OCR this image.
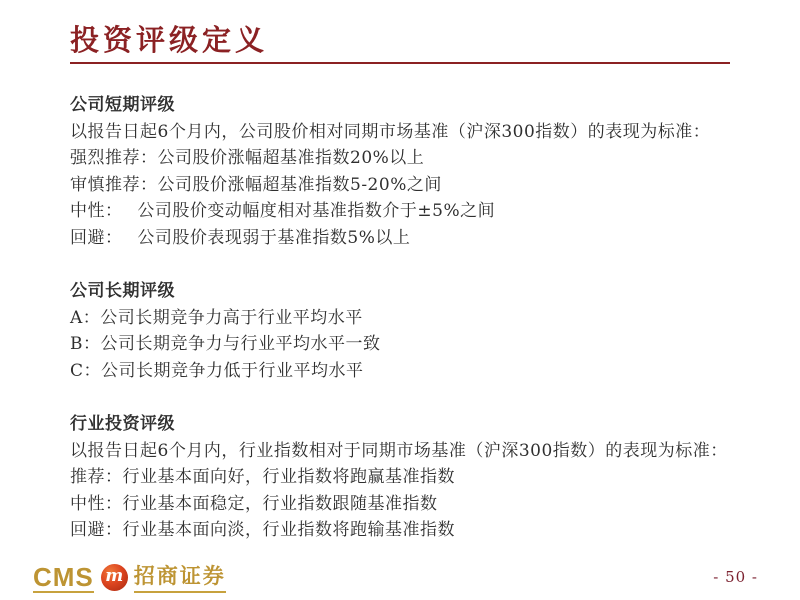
投资评级定义

公司短期评级

以报告日起6个月内，公司股价相对同期市场基准（沪深300指数）的表现为标准：

强烈推荐：公司股价涨幅超基准指数20%以上

审慎推荐：公司股价涨幅超基准指数5-20%之间

中性：　 公司股价变动幅度相对基准指数介于±5%之间

回避：　 公司股价表现弱于基准指数5%以上

公司长期评级

A：公司长期竞争力高于行业平均水平

B：公司长期竞争力与行业平均水平一致

C：公司长期竞争力低于行业平均水平

行业投资评级

以报告日起6个月内，行业指数相对于同期市场基准（沪深300指数）的表现为标准：

推荐：行业基本面向好，行业指数将跑赢基准指数

中性：行业基本面稳定，行业指数跟随基准指数

回避：行业基本面向淡，行业指数将跑输基准指数

CMS m 招商证券	- 50 -
